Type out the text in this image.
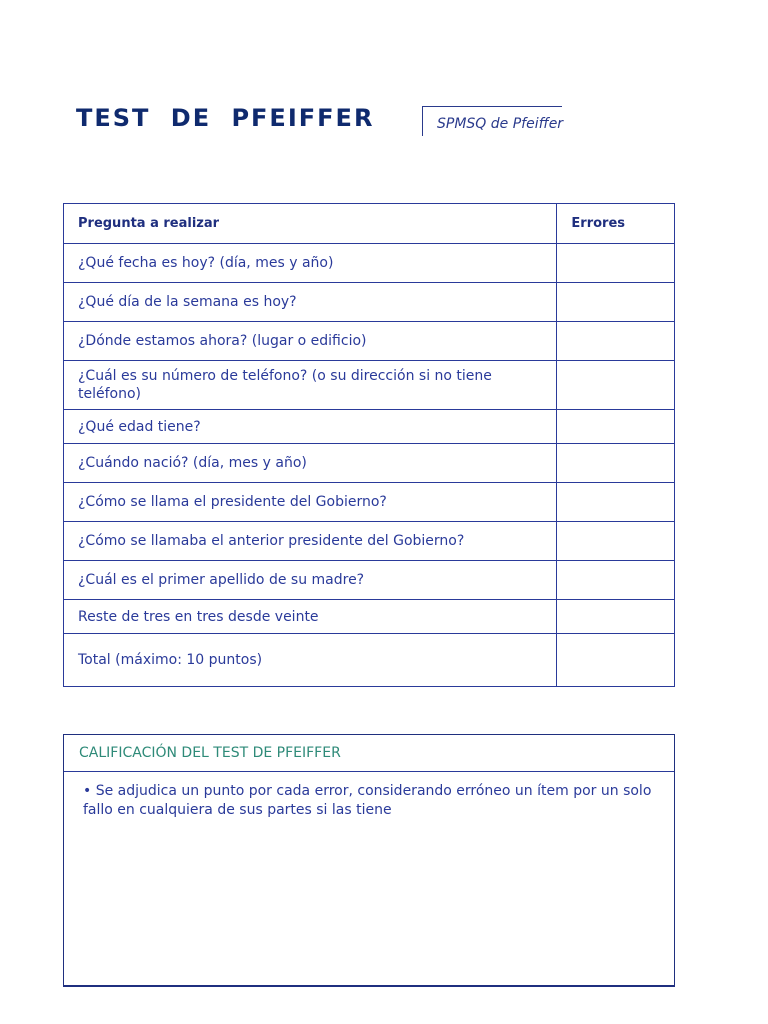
TEST DE PFEIFFER	SPMSQ de Pfeiffer
Pregunta a realizar	Errores
¿Qué fecha es hoy? (día, mes y año)	
¿Qué día de la semana es hoy?	
¿Dónde estamos ahora? (lugar o edificio)	
¿Cuál es su número de teléfono? (o su dirección si no tiene teléfono)	
¿Qué edad tiene?	
¿Cuándo nació? (día, mes y año)	
¿Cómo se llama el presidente del Gobierno?	
¿Cómo se llamaba el anterior presidente del Gobierno?	
¿Cuál es el primer apellido de su madre?	
Reste de tres en tres desde veinte	
Total (máximo: 10 puntos)	
CALIFICACIÓN DEL TEST DE PFEIFFER

• Se adjudica un punto por cada error, considerando erróneo un ítem por un solo fallo en cualquiera de sus partes si las tiene
